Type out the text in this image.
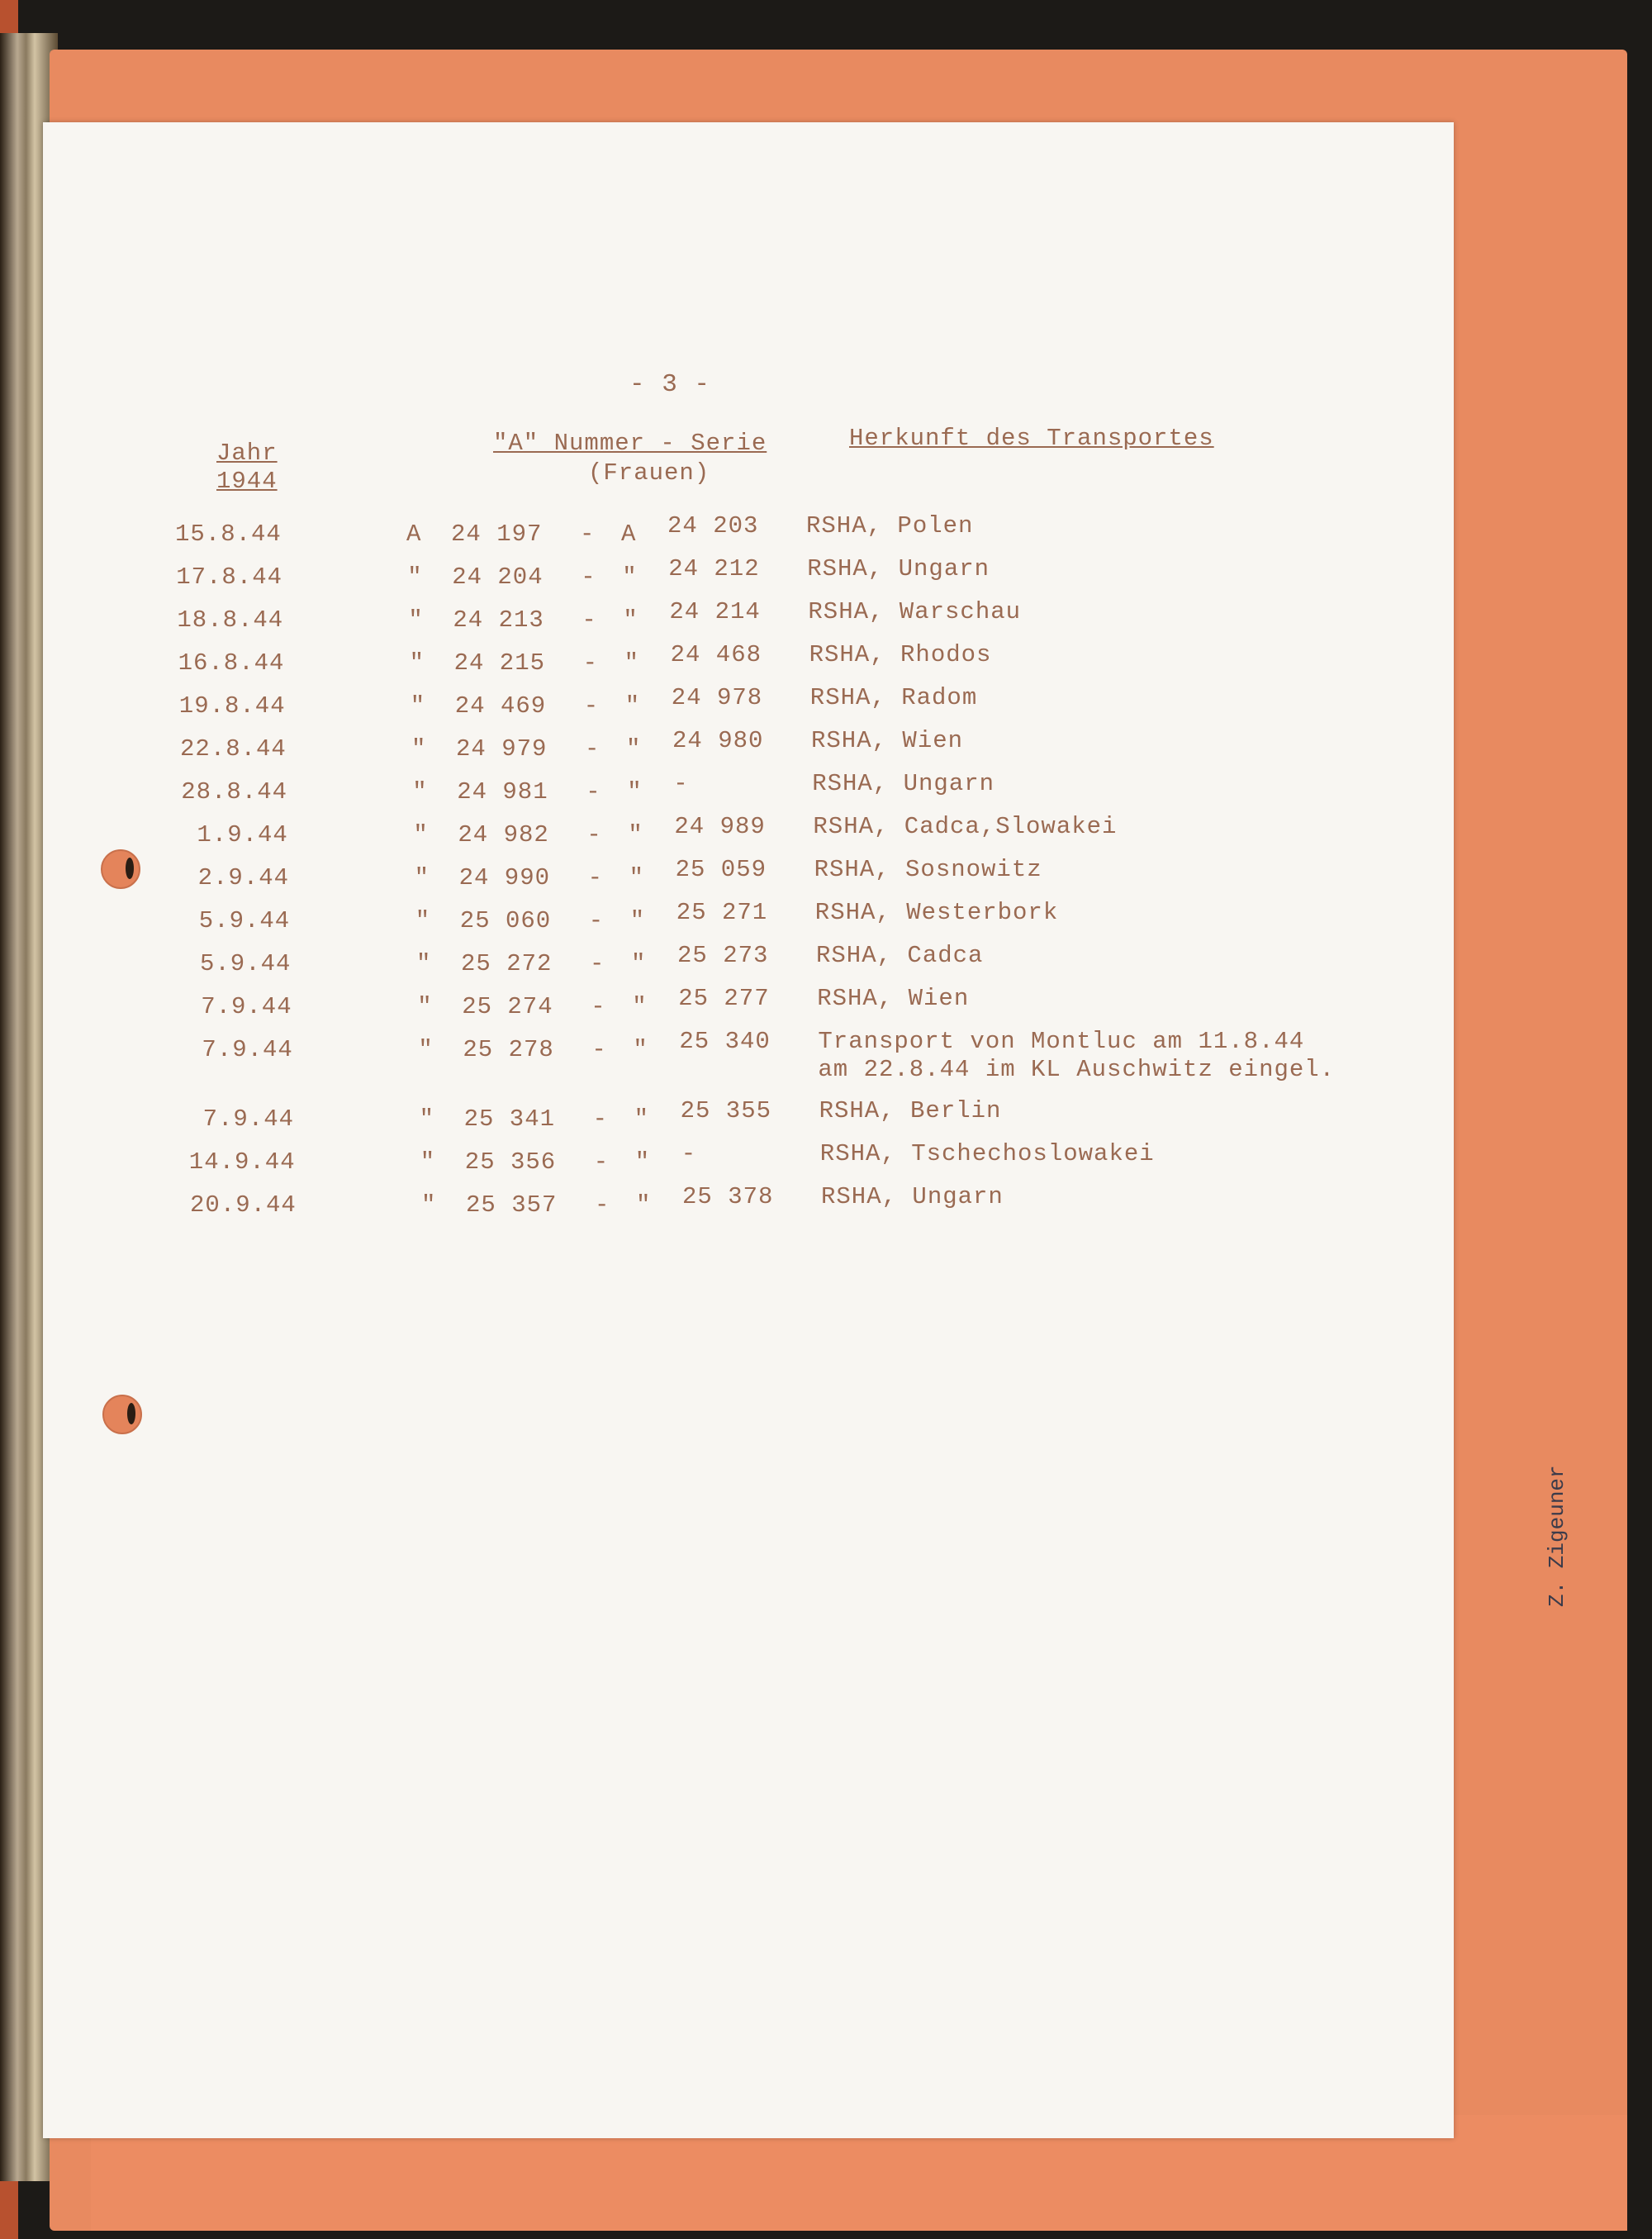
- 3 -
Jahr
1944
"A" Nummer - Serie
(Frauen)
Herkunft des Transportes
15.8.44	A 24 197 - A 24 203 RSHA, Polen
17.8.44	" 24 204 - " 24 212 RSHA, Ungarn
18.8.44	" 24 213 - " 24 214 RSHA, Warschau
16.8.44	" 24 215 - " 24 468 RSHA, Rhodos
19.8.44	" 24 469 - " 24 978 RSHA, Radom
22.8.44	" 24 979 - " 24 980 RSHA, Wien
28.8.44	" 24 981 - " -	RSHA, Ungarn
1.9.44	" 24 982 - " 24 989 RSHA, Cadca,Slowakei
2.9.44	" 24 990 - " 25 059 RSHA, Sosnowitz
5.9.44	" 25 060 - " 25 271 RSHA, Westerbork
5.9.44	" 25 272 - " 25 273 RSHA, Cadca
7.9.44	" 25 274 - " 25 277 RSHA, Wien
7.9.44	" 25 278 - " 25 340 Transport von Montluc am 11.8.44
am 22.8.44 im KL Auschwitz eingel.
7.9.44	" 25 341 - " 25 355 RSHA, Berlin
14.9.44	" 25 356 - " -	RSHA, Tschechoslowakei
20.9.44	" 25 357 - " 25 378 RSHA, Ungarn
Z. Zigeuner
